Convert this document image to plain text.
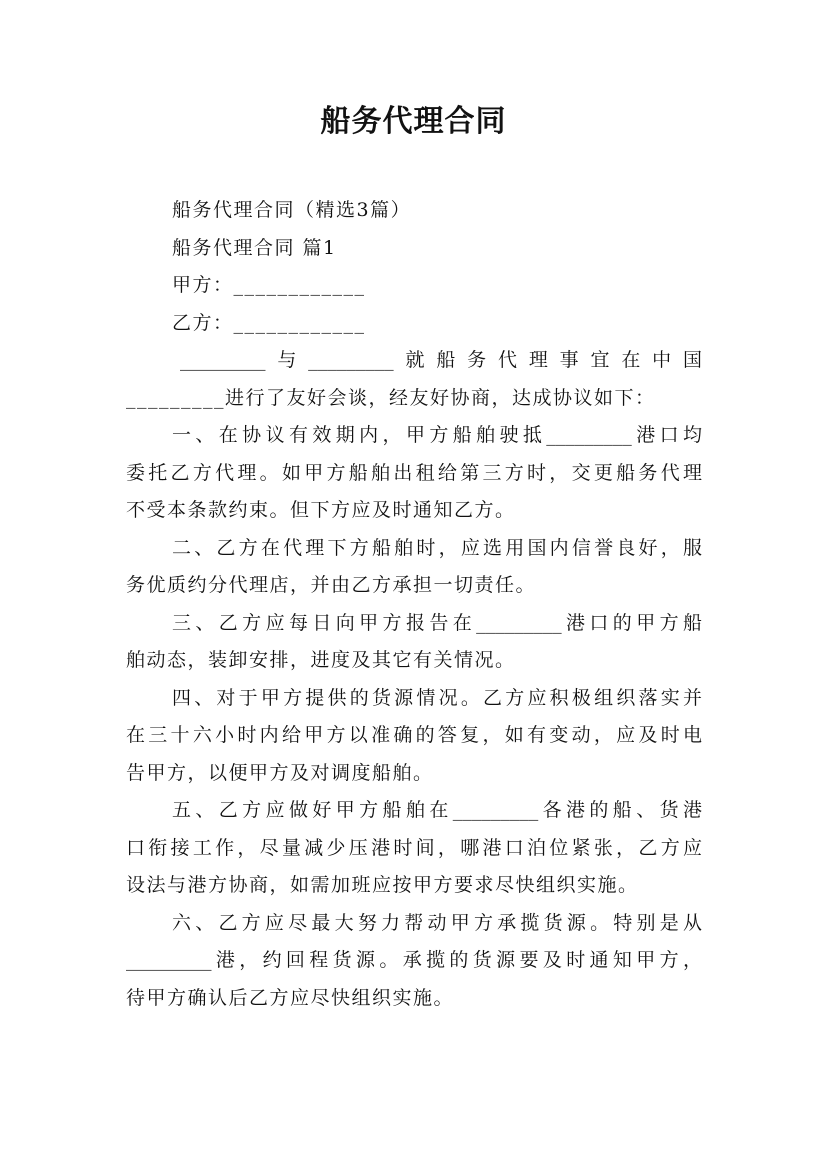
船务代理合同
船务代理合同（精选3篇）
船务代理合同 篇1
甲方：____________
乙方：____________
_________与_________就船务代理事宜在中国
_________进行了友好会谈，经友好协商，达成协议如下：
一、在协议有效期内，甲方船舶驶抵_________港口均
委托乙方代理。如甲方船舶出租给第三方时，交更船务代理
不受本条款约束。但下方应及时通知乙方。
二、乙方在代理下方船舶时，应选用国内信誉良好，服
务优质约分代理店，并由乙方承担一切责任。
三、乙方应每日向甲方报告在_________港口的甲方船
舶动态，装卸安排，进度及其它有关情况。
四、对于甲方提供的货源情况。乙方应积极组织落实并
在三十六小时内给甲方以准确的答复，如有变动，应及时电
告甲方，以便甲方及对调度船舶。
五、乙方应做好甲方船舶在_________各港的船、货港
口衔接工作，尽量减少压港时间，哪港口泊位紧张，乙方应
设法与港方协商，如需加班应按甲方要求尽快组织实施。
六、乙方应尽最大努力帮动甲方承揽货源。特别是从
_________港，约回程货源。承揽的货源要及时通知甲方，
待甲方确认后乙方应尽快组织实施。
